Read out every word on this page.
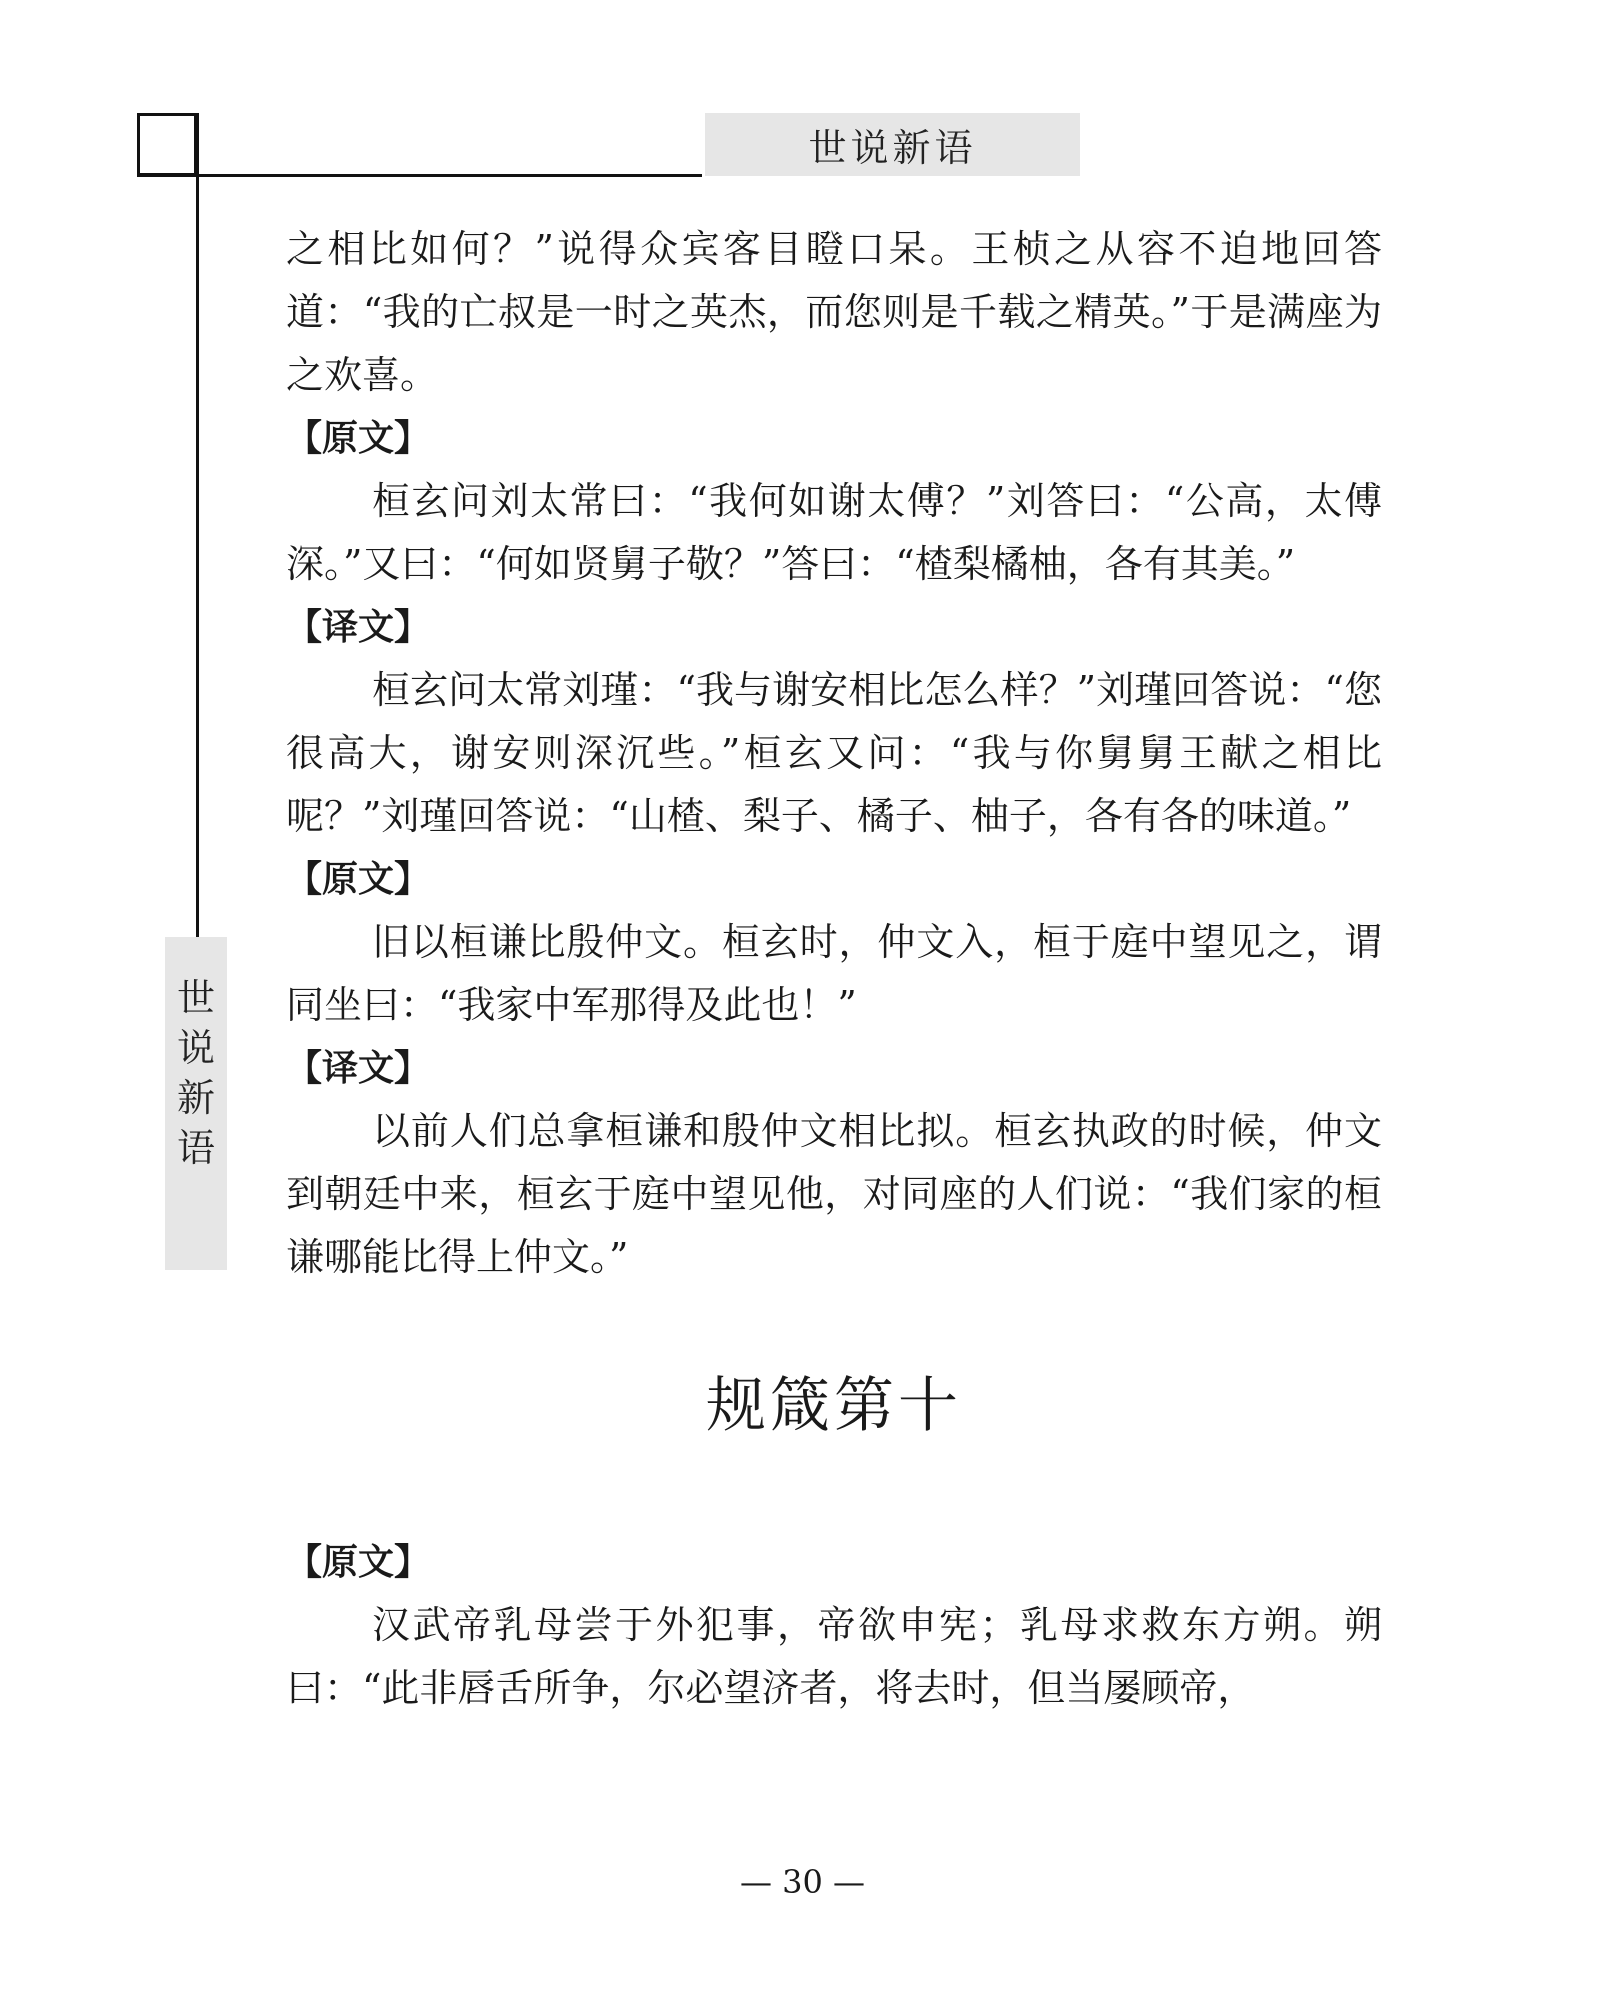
世说新语
世
说
新
语

之相比如何？”说得众宾客目瞪口呆。王桢之从容不迫地回答道：“我的亡叔是一时之英杰，而您则是千载之精英。”于是满座为之欢喜。

【原文】

桓玄问刘太常曰：“我何如谢太傅？”刘答曰：“公高，太傅深。”又曰：“何如贤舅子敬？”答曰：“楂梨橘柚，各有其美。”

【译文】

桓玄问太常刘瑾：“我与谢安相比怎么样？”刘瑾回答说：“您很高大，谢安则深沉些。”桓玄又问：“我与你舅舅王献之相比呢？”刘瑾回答说：“山楂、梨子、橘子、柚子，各有各的味道。”

【原文】

旧以桓谦比殷仲文。桓玄时，仲文入，桓于庭中望见之，谓同坐曰：“我家中军那得及此也！”

【译文】

以前人们总拿桓谦和殷仲文相比拟。桓玄执政的时候，仲文到朝廷中来，桓玄于庭中望见他，对同座的人们说：“我们家的桓谦哪能比得上仲文。”

规箴第十
【原文】

汉武帝乳母尝于外犯事，帝欲申宪；乳母求救东方朔。朔曰：“此非唇舌所争，尔必望济者，将去时，但当屡顾帝，

— 30 —
